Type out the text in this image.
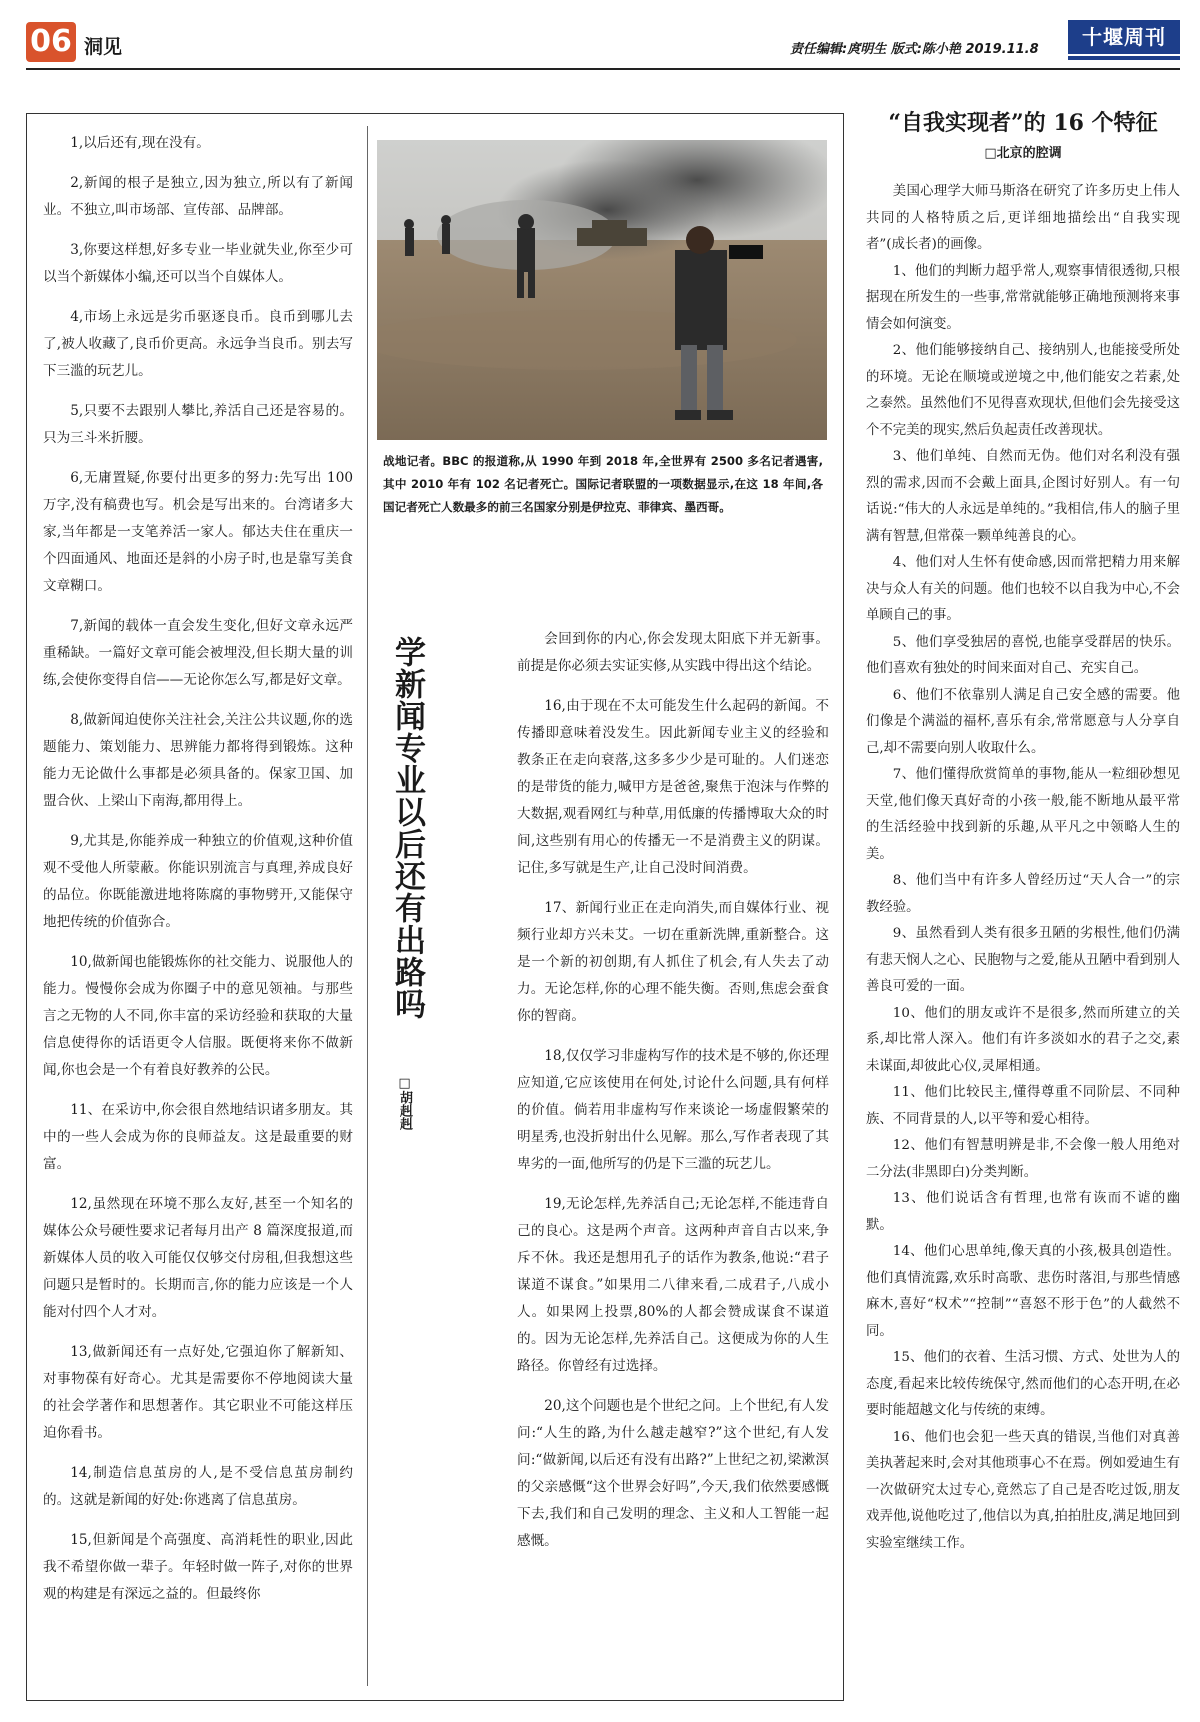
06 洞见	责任编辑:庹明生 版式:陈小艳 2019.11.8
十堰周刊

1,以后还有,现在没有。

2,新闻的根子是独立,因为独立,所以有了新闻业。不独立,叫市场部、宣传部、品牌部。

3,你要这样想,好多专业一毕业就失业,你至少可以当个新媒体小编,还可以当个自媒体人。

4,市场上永远是劣币驱逐良币。良币到哪儿去了,被人收藏了,良币价更高。永远争当良币。别去写下三滥的玩艺儿。

5,只要不去跟别人攀比,养活自己还是容易的。只为三斗米折腰。

6,无庸置疑,你要付出更多的努力:先写出 100 万字,没有稿费也写。机会是写出来的。台湾诸多大家,当年都是一支笔养活一家人。郁达夫住在重庆一个四面通风、地面还是斜的小房子时,也是靠写美食文章糊口。

7,新闻的载体一直会发生变化,但好文章永远严重稀缺。一篇好文章可能会被埋没,但长期大量的训练,会使你变得自信——无论你怎么写,都是好文章。

8,做新闻迫使你关注社会,关注公共议题,你的选题能力、策划能力、思辨能力都将得到锻炼。这种能力无论做什么事都是必须具备的。保家卫国、加盟合伙、上梁山下南海,都用得上。

9,尤其是,你能养成一种独立的价值观,这种价值观不受他人所蒙蔽。你能识别流言与真理,养成良好的品位。你既能激进地将陈腐的事物劈开,又能保守地把传统的价值弥合。

10,做新闻也能锻炼你的社交能力、说服他人的能力。慢慢你会成为你圈子中的意见领袖。与那些言之无物的人不同,你丰富的采访经验和获取的大量信息使得你的话语更令人信服。既便将来你不做新闻,你也会是一个有着良好教养的公民。

11、在采访中,你会很自然地结识诸多朋友。其中的一些人会成为你的良师益友。这是最重要的财富。

12,虽然现在环境不那么友好,甚至一个知名的媒体公众号硬性要求记者每月出产 8 篇深度报道,而新媒体人员的收入可能仅仅够交付房租,但我想这些问题只是暂时的。长期而言,你的能力应该是一个人能对付四个人才对。

13,做新闻还有一点好处,它强迫你了解新知、对事物葆有好奇心。尤其是需要你不停地阅读大量的社会学著作和思想著作。其它职业不可能这样压迫你看书。

14,制造信息茧房的人,是不受信息茧房制约的。这就是新闻的好处:你逃离了信息茧房。

15,但新闻是个高强度、高消耗性的职业,因此我不希望你做一辈子。年轻时做一阵子,对你的世界观的构建是有深远之益的。但最终你

战地记者。BBC 的报道称,从 1990 年到 2018 年,全世界有 2500 多名记者遇害,其中 2010 年有 102 名记者死亡。国际记者联盟的一项数据显示,在这 18 年间,各国记者死亡人数最多的前三名国家分别是伊拉克、菲律宾、墨西哥。
学新闻专业以后还有出路吗
□胡赳赳

会回到你的内心,你会发现太阳底下并无新事。前提是你必须去实证实修,从实践中得出这个结论。

16,由于现在不太可能发生什么起码的新闻。不传播即意味着没发生。因此新闻专业主义的经验和教条正在走向衰落,这多多少少是可耻的。人们迷恋的是带货的能力,喊甲方是爸爸,聚焦于泡沫与作弊的大数据,观看网红与种草,用低廉的传播博取大众的时间,这些别有用心的传播无一不是消费主义的阴谋。记住,多写就是生产,让自己没时间消费。

17、新闻行业正在走向消失,而自媒体行业、视频行业却方兴未艾。一切在重新洗牌,重新整合。这是一个新的初创期,有人抓住了机会,有人失去了动力。无论怎样,你的心理不能失衡。否则,焦虑会蚕食你的智商。

18,仅仅学习非虚构写作的技术是不够的,你还理应知道,它应该使用在何处,讨论什么问题,具有何样的价值。倘若用非虚构写作来谈论一场虚假繁荣的明星秀,也没折射出什么见解。那么,写作者表现了其卑劣的一面,他所写的仍是下三滥的玩艺儿。

19,无论怎样,先养活自己;无论怎样,不能违背自己的良心。这是两个声音。这两种声音自古以来,争斥不休。我还是想用孔子的话作为教条,他说:“君子谋道不谋食。”如果用二八律来看,二成君子,八成小人。如果网上投票,80%的人都会赞成谋食不谋道的。因为无论怎样,先养活自己。这便成为你的人生路径。你曾经有过选择。

20,这个问题也是个世纪之问。上个世纪,有人发问:“人生的路,为什么越走越窄?”这个世纪,有人发问:“做新闻,以后还有没有出路?”上世纪之初,梁漱溟的父亲感慨“这个世界会好吗”,今天,我们依然要感慨下去,我们和自己发明的理念、主义和人工智能一起感慨。

“自我实现者”的 16 个特征
□北京的腔调

美国心理学大师马斯洛在研究了许多历史上伟人共同的人格特质之后,更详细地描绘出“自我实现者”(成长者)的画像。

1、他们的判断力超乎常人,观察事情很透彻,只根据现在所发生的一些事,常常就能够正确地预测将来事情会如何演变。

2、他们能够接纳自己、接纳别人,也能接受所处的环境。无论在顺境或逆境之中,他们能安之若素,处之泰然。虽然他们不见得喜欢现状,但他们会先接受这个不完美的现实,然后负起责任改善现状。

3、他们单纯、自然而无伪。他们对名利没有强烈的需求,因而不会戴上面具,企图讨好别人。有一句话说:“伟大的人永远是单纯的。”我相信,伟人的脑子里满有智慧,但常葆一颗单纯善良的心。

4、他们对人生怀有使命感,因而常把精力用来解决与众人有关的问题。他们也较不以自我为中心,不会单顾自己的事。

5、他们享受独居的喜悦,也能享受群居的快乐。他们喜欢有独处的时间来面对自己、充实自己。

6、他们不依靠别人满足自己安全感的需要。他们像是个满溢的福杯,喜乐有余,常常愿意与人分享自己,却不需要向别人收取什么。

7、他们懂得欣赏简单的事物,能从一粒细砂想见天堂,他们像天真好奇的小孩一般,能不断地从最平常的生活经验中找到新的乐趣,从平凡之中领略人生的美。

8、他们当中有许多人曾经历过“天人合一”的宗教经验。

9、虽然看到人类有很多丑陋的劣根性,他们仍满有悲天悯人之心、民胞物与之爱,能从丑陋中看到别人善良可爱的一面。

10、他们的朋友或许不是很多,然而所建立的关系,却比常人深入。他们有许多淡如水的君子之交,素未谋面,却彼此心仪,灵犀相通。

11、他们比较民主,懂得尊重不同阶层、不同种族、不同背景的人,以平等和爱心相待。

12、他们有智慧明辨是非,不会像一般人用绝对二分法(非黑即白)分类判断。

13、他们说话含有哲理,也常有诙而不谑的幽默。

14、他们心思单纯,像天真的小孩,极具创造性。他们真情流露,欢乐时高歌、悲伤时落泪,与那些情感麻木,喜好“权术”“控制”“喜怒不形于色”的人截然不同。

15、他们的衣着、生活习惯、方式、处世为人的态度,看起来比较传统保守,然而他们的心态开明,在必要时能超越文化与传统的束缚。

16、他们也会犯一些天真的错误,当他们对真善美执著起来时,会对其他琐事心不在焉。例如爱迪生有一次做研究太过专心,竟然忘了自己是否吃过饭,朋友戏弄他,说他吃过了,他信以为真,拍拍肚皮,满足地回到实验室继续工作。
